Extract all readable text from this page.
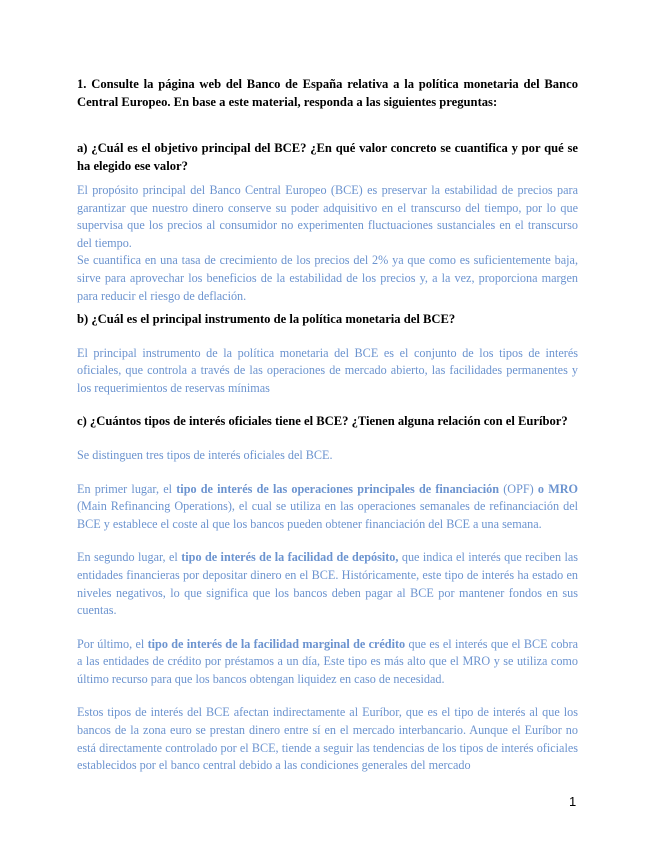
1. Consulte la página web del Banco de España relativa a la política monetaria del Banco Central Europeo. En base a este material, responda a las siguientes preguntas:

a) ¿Cuál es el objetivo principal del BCE? ¿En qué valor concreto se cuantifica y por qué se ha elegido ese valor?

El propósito principal del Banco Central Europeo (BCE) es preservar la estabilidad de precios para garantizar que nuestro dinero conserve su poder adquisitivo en el transcurso del tiempo, por lo que supervisa que los precios al consumidor no experimenten fluctuaciones sustanciales en el transcurso del tiempo.

Se cuantifica en una tasa de crecimiento de los precios del 2% ya que como es suficientemente baja, sirve para aprovechar los beneficios de la estabilidad de los precios y, a la vez, proporciona margen para reducir el riesgo de deflación.

b) ¿Cuál es el principal instrumento de la política monetaria del BCE?

El principal instrumento de la política monetaria del BCE es el conjunto de los tipos de interés oficiales, que controla a través de las operaciones de mercado abierto, las facilidades permanentes y los requerimientos de reservas mínimas

c) ¿Cuántos tipos de interés oficiales tiene el BCE? ¿Tienen alguna relación con el Euríbor?

Se distinguen tres tipos de interés oficiales del BCE.

En primer lugar, el tipo de interés de las operaciones principales de financiación (OPF) o MRO (Main Refinancing Operations), el cual se utiliza en las operaciones semanales de refinanciación del BCE y establece el coste al que los bancos pueden obtener financiación del BCE a una semana.

En segundo lugar, el tipo de interés de la facilidad de depósito, que indica el interés que reciben las entidades financieras por depositar dinero en el BCE. Históricamente, este tipo de interés ha estado en niveles negativos, lo que significa que los bancos deben pagar al BCE por mantener fondos en sus cuentas.

Por último, el tipo de interés de la facilidad marginal de crédito que es el interés que el BCE cobra a las entidades de crédito por préstamos a un día, Este tipo es más alto que el MRO y se utiliza como último recurso para que los bancos obtengan liquidez en caso de necesidad.

Estos tipos de interés del BCE afectan indirectamente al Euríbor, que es el tipo de interés al que los bancos de la zona euro se prestan dinero entre sí en el mercado interbancario. Aunque el Euríbor no está directamente controlado por el BCE, tiende a seguir las tendencias de los tipos de interés oficiales establecidos por el banco central debido a las condiciones generales del mercado

1
